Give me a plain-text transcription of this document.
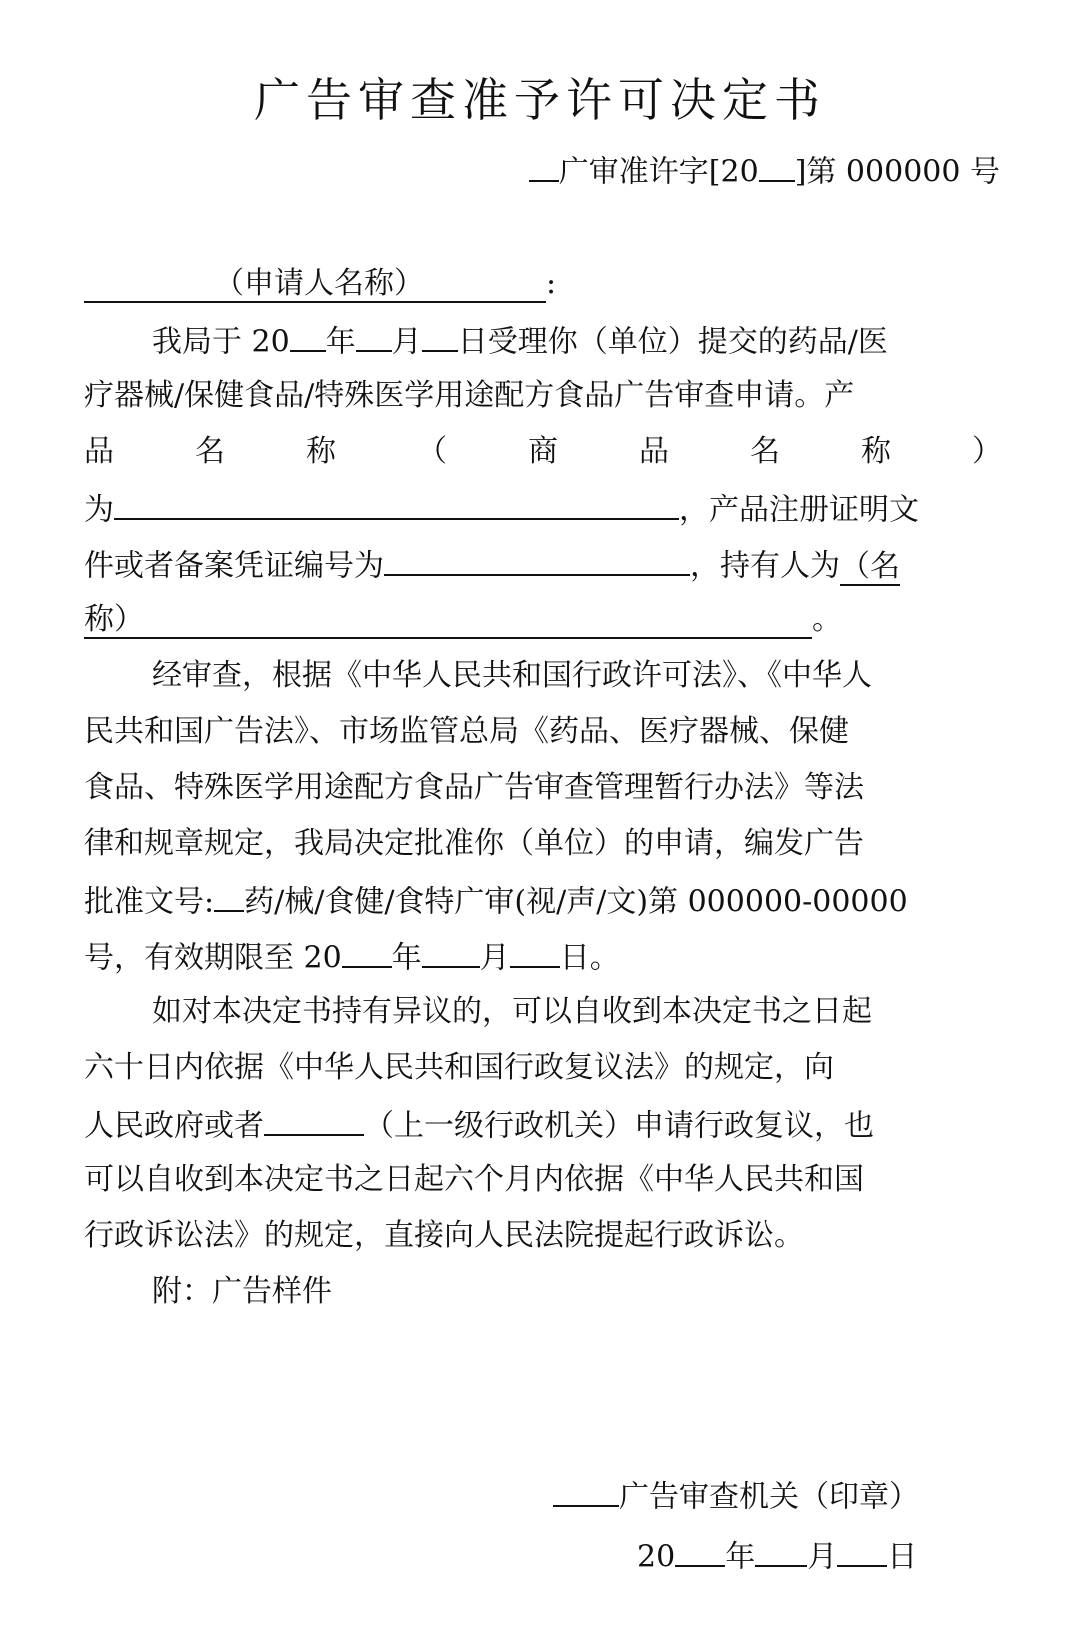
广告审查准予许可决定书
广审准许字[20 ]第 000000 号
（申请人名称）	:
我局于 20 年 月 日受理你（单位）提交的药品/医
疗器械/保健食品/特殊医学用途配方食品广告审查申请。产
品	名	称	（	商	品	名	称	）
为	，产品注册证明文
件或者备案凭证编号为	，持有人为（名
称）	。
经审查，根据《中华人民共和国行政许可法》、《中华人
民共和国广告法》、市场监管总局《药品、医疗器械、保健
食品、特殊医学用途配方食品广告审查管理暂行办法》等法
律和规章规定，我局决定批准你（单位）的申请，编发广告
批准文号: 药/械/食健/食特广审(视/声/文)第 000000-00000
号，有效期限至 20 年 月 日。
如对本决定书持有异议的，可以自收到本决定书之日起
六十日内依据《中华人民共和国行政复议法》的规定，向
人民政府或者	（上一级行政机关）申请行政复议，也
可以自收到本决定书之日起六个月内依据《中华人民共和国
行政诉讼法》的规定，直接向人民法院提起行政诉讼。
附：广告样件
广告审查机关（印章）
20 年 月 日
